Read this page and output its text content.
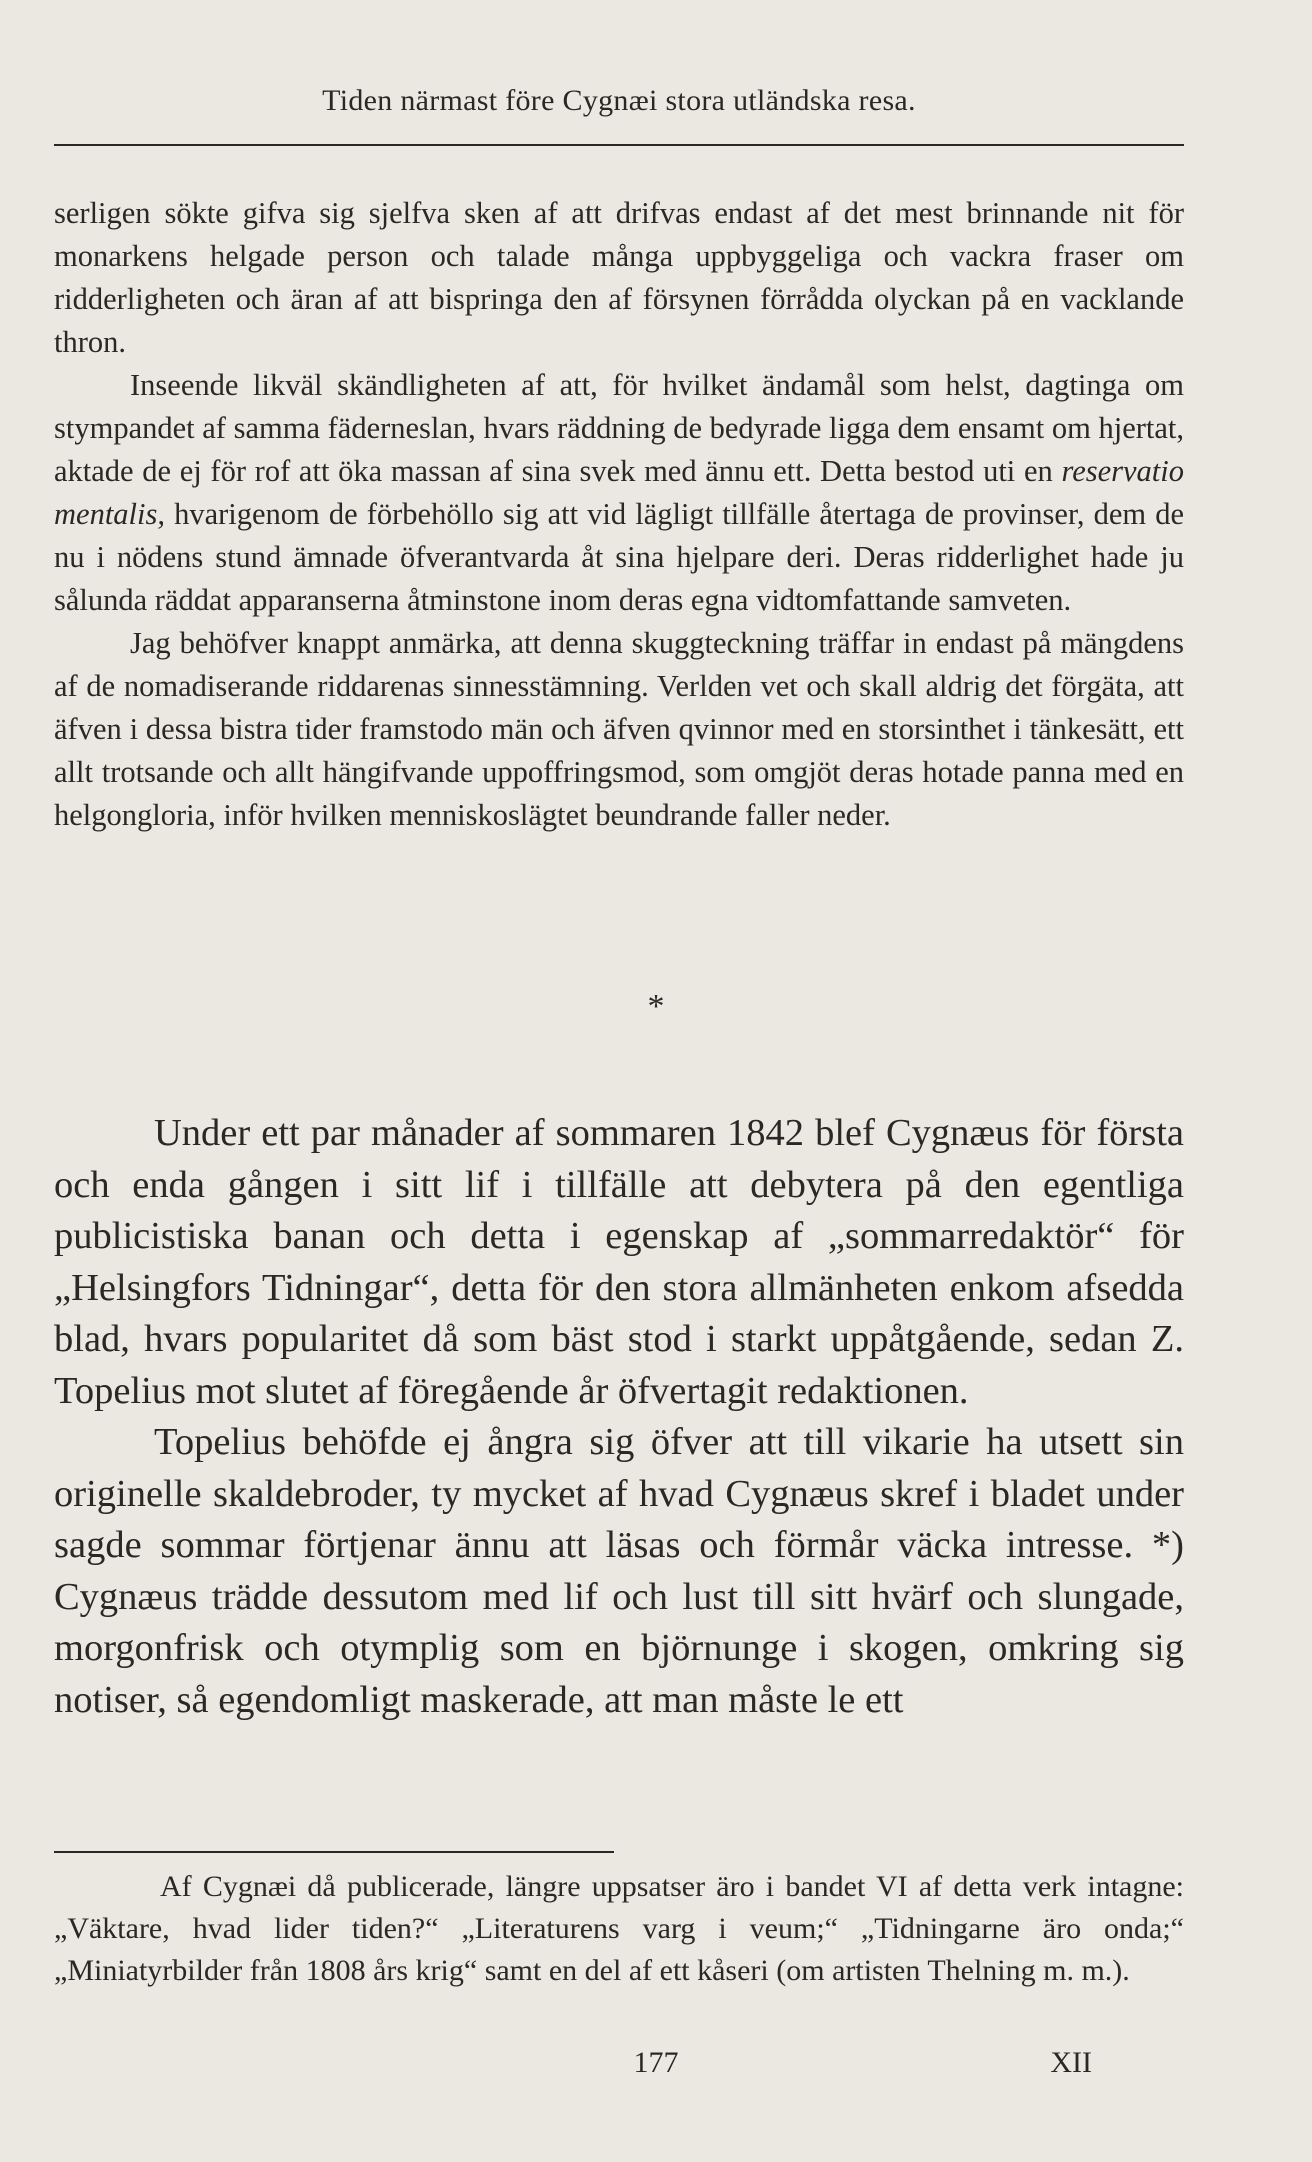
Tiden närmast före Cygnæi stora utländska resa.

serligen sökte gifva sig sjelfva sken af att drifvas endast af det mest brinnande nit för monarkens helgade person och talade många uppbyggeliga och vackra fraser om ridderligheten och äran af att bispringa den af försynen förrådda olyckan på en vacklande thron.

Inseende likväl skändligheten af att, för hvilket ändamål som helst, dagtinga om stympandet af samma fäderneslan, hvars räddning de bedyrade ligga dem ensamt om hjertat, aktade de ej för rof att öka massan af sina svek med ännu ett. Detta bestod uti en reservatio mentalis, hvarigenom de förbehöllo sig att vid lägligt tillfälle återtaga de provinser, dem de nu i nödens stund ämnade öfverantvarda åt sina hjelpare deri. Deras ridderlighet hade ju sålunda räddat apparanserna åtminstone inom deras egna vidtomfattande samveten.

Jag behöfver knappt anmärka, att denna skuggteckning träffar in endast på mängdens af de nomadiserande riddarenas sinnesstämning. Verlden vet och skall aldrig det förgäta, att äfven i dessa bistra tider framstodo män och äfven qvinnor med en storsinthet i tänkesätt, ett allt trotsande och allt hängifvande uppoffringsmod, som omgjöt deras hotade panna med en helgongloria, inför hvilken menniskoslägtet beundrande faller neder.

*

Under ett par månader af sommaren 1842 blef Cygnæus för första och enda gången i sitt lif i tillfälle att debytera på den egentliga publicistiska banan och detta i egenskap af „sommarredaktör“ för „Helsingfors Tidningar“, detta för den stora allmänheten enkom afsedda blad, hvars popularitet då som bäst stod i starkt uppåtgående, sedan Z. Topelius mot slutet af föregående år öfvertagit redaktionen.

Topelius behöfde ej ångra sig öfver att till vikarie ha utsett sin originelle skaldebroder, ty mycket af hvad Cygnæus skref i bladet under sagde sommar förtjenar ännu att läsas och förmår väcka intresse. *) Cygnæus trädde dessutom med lif och lust till sitt hvärf och slungade, morgonfrisk och otymplig som en björnunge i skogen, omkring sig notiser, så egendomligt maskerade, att man måste le ett

Af Cygnæi då publicerade, längre uppsatser äro i bandet VI af detta verk intagne: „Väktare, hvad lider tiden?“ „Literaturens varg i veum;“ „Tidningarne äro onda;“ „Miniatyrbilder från 1808 års krig“ samt en del af ett kåseri (om artisten Thelning m. m.).

177	XII
